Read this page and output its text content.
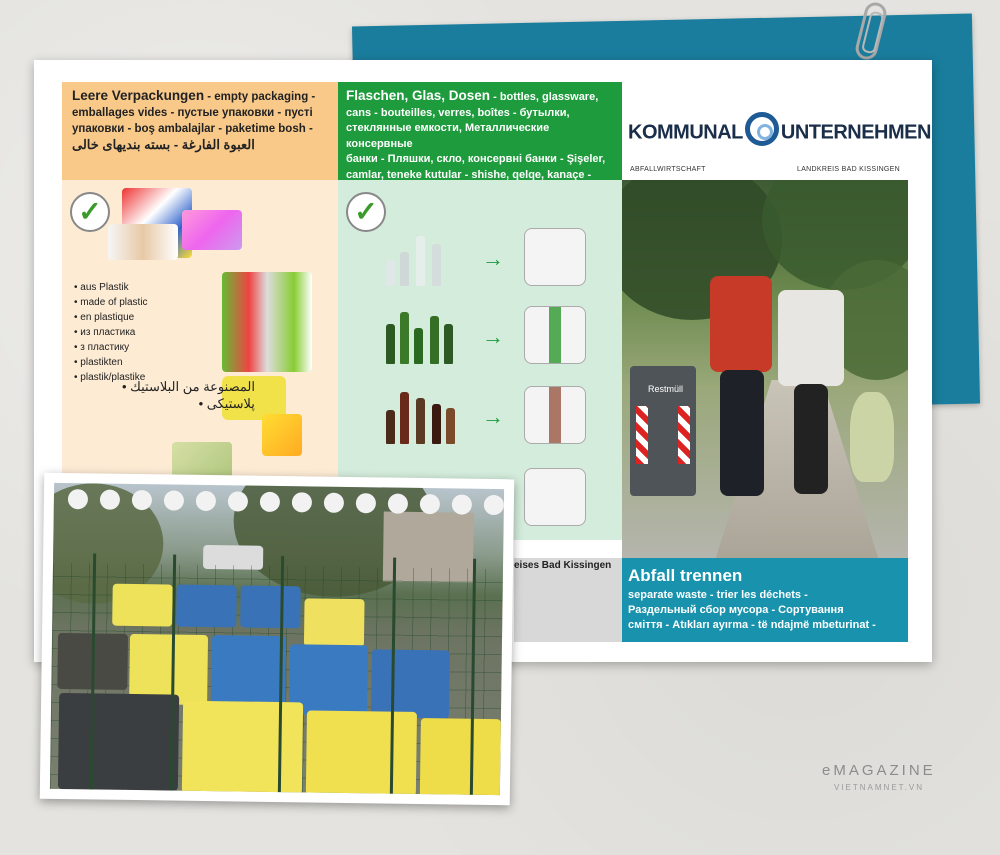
Leere Verpackungen - empty packaging -
emballages vides - пустые упаковки - пусті
упаковки - boş ambalajlar - paketime bosh -
العبوة الفارغة - بسته بندیهای خالی
Flaschen, Glas, Dosen - bottles, glassware,
cans - bouteilles, verres, boîtes - бутылки,
стеклянные емкости, Металлические консервные
банки - Пляшки, скло, консервні банки - Şişeler,
camlar, teneke kutular - shishe, qelqe, kanaçe -
KOMMUNAL UNTERNEHMEN
ABFALLWIRTSCHAFT	LANDKREIS BAD KISSINGEN
✓
• aus Plastik
• made of plastic
• en plastique
• из пластика
• з пластику
• plastikten
• plastik/plastike
المصنوعة من البلاستيك •
پلاستیکی •
✓
→
→
→
Restmüll
eises Bad Kissingen
Abfall trennen
separate waste - trier les déchets -
Раздельный сбор мусора - Сортування
сміття - Atıkları ayırma - të ndajmë mbeturinat -
eMAGAZINE
VIETNAMNET.VN
